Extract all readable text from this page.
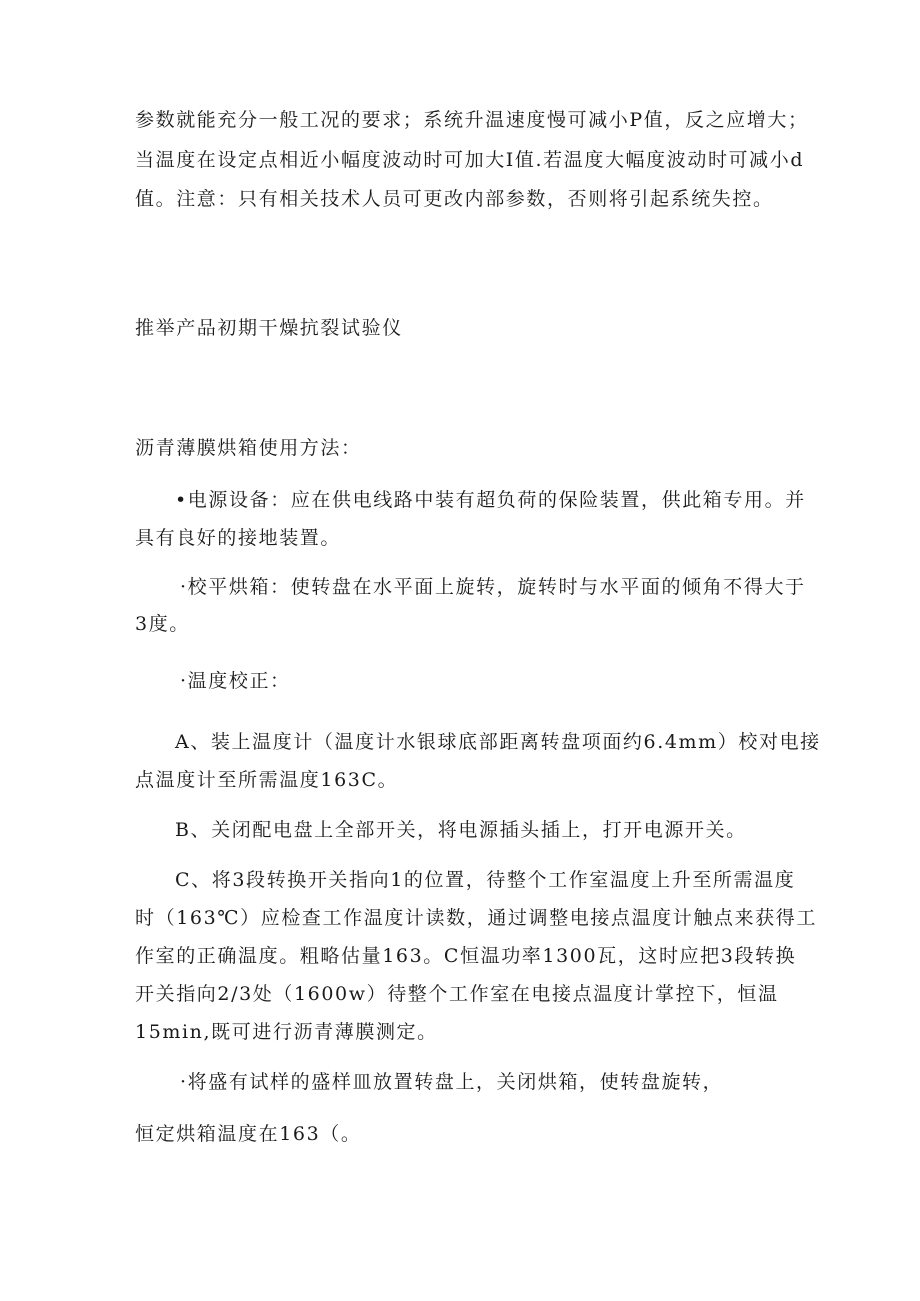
参数就能充分一般工况的要求；系统升温速度慢可减小P值，反之应增大；
当温度在设定点相近小幅度波动时可加大I值.若温度大幅度波动时可减小d
值。注意：只有相关技术人员可更改内部参数，否则将引起系统失控。
推举产品初期干燥抗裂试验仪
沥青薄膜烘箱使用方法：
•电源设备：应在供电线路中装有超负荷的保险装置，供此箱专用。并
具有良好的接地装置。
·校平烘箱：使转盘在水平面上旋转，旋转时与水平面的倾角不得大于
3度。
·温度校正：
A、装上温度计（温度计水银球底部距离转盘项面约6.4mm）校对电接
点温度计至所需温度163C。
B、关闭配电盘上全部开关，将电源插头插上，打开电源开关。
C、将3段转换开关指向1的位置，待整个工作室温度上升至所需温度
时（163℃）应检查工作温度计读数，通过调整电接点温度计触点来获得工
作室的正确温度。粗略估量163。C恒温功率1300瓦，这时应把3段转换
开关指向2/3处（1600w）待整个工作室在电接点温度计掌控下，恒温
15min,既可进行沥青薄膜测定。
·将盛有试样的盛样皿放置转盘上，关闭烘箱，使转盘旋转，
恒定烘箱温度在163（。
